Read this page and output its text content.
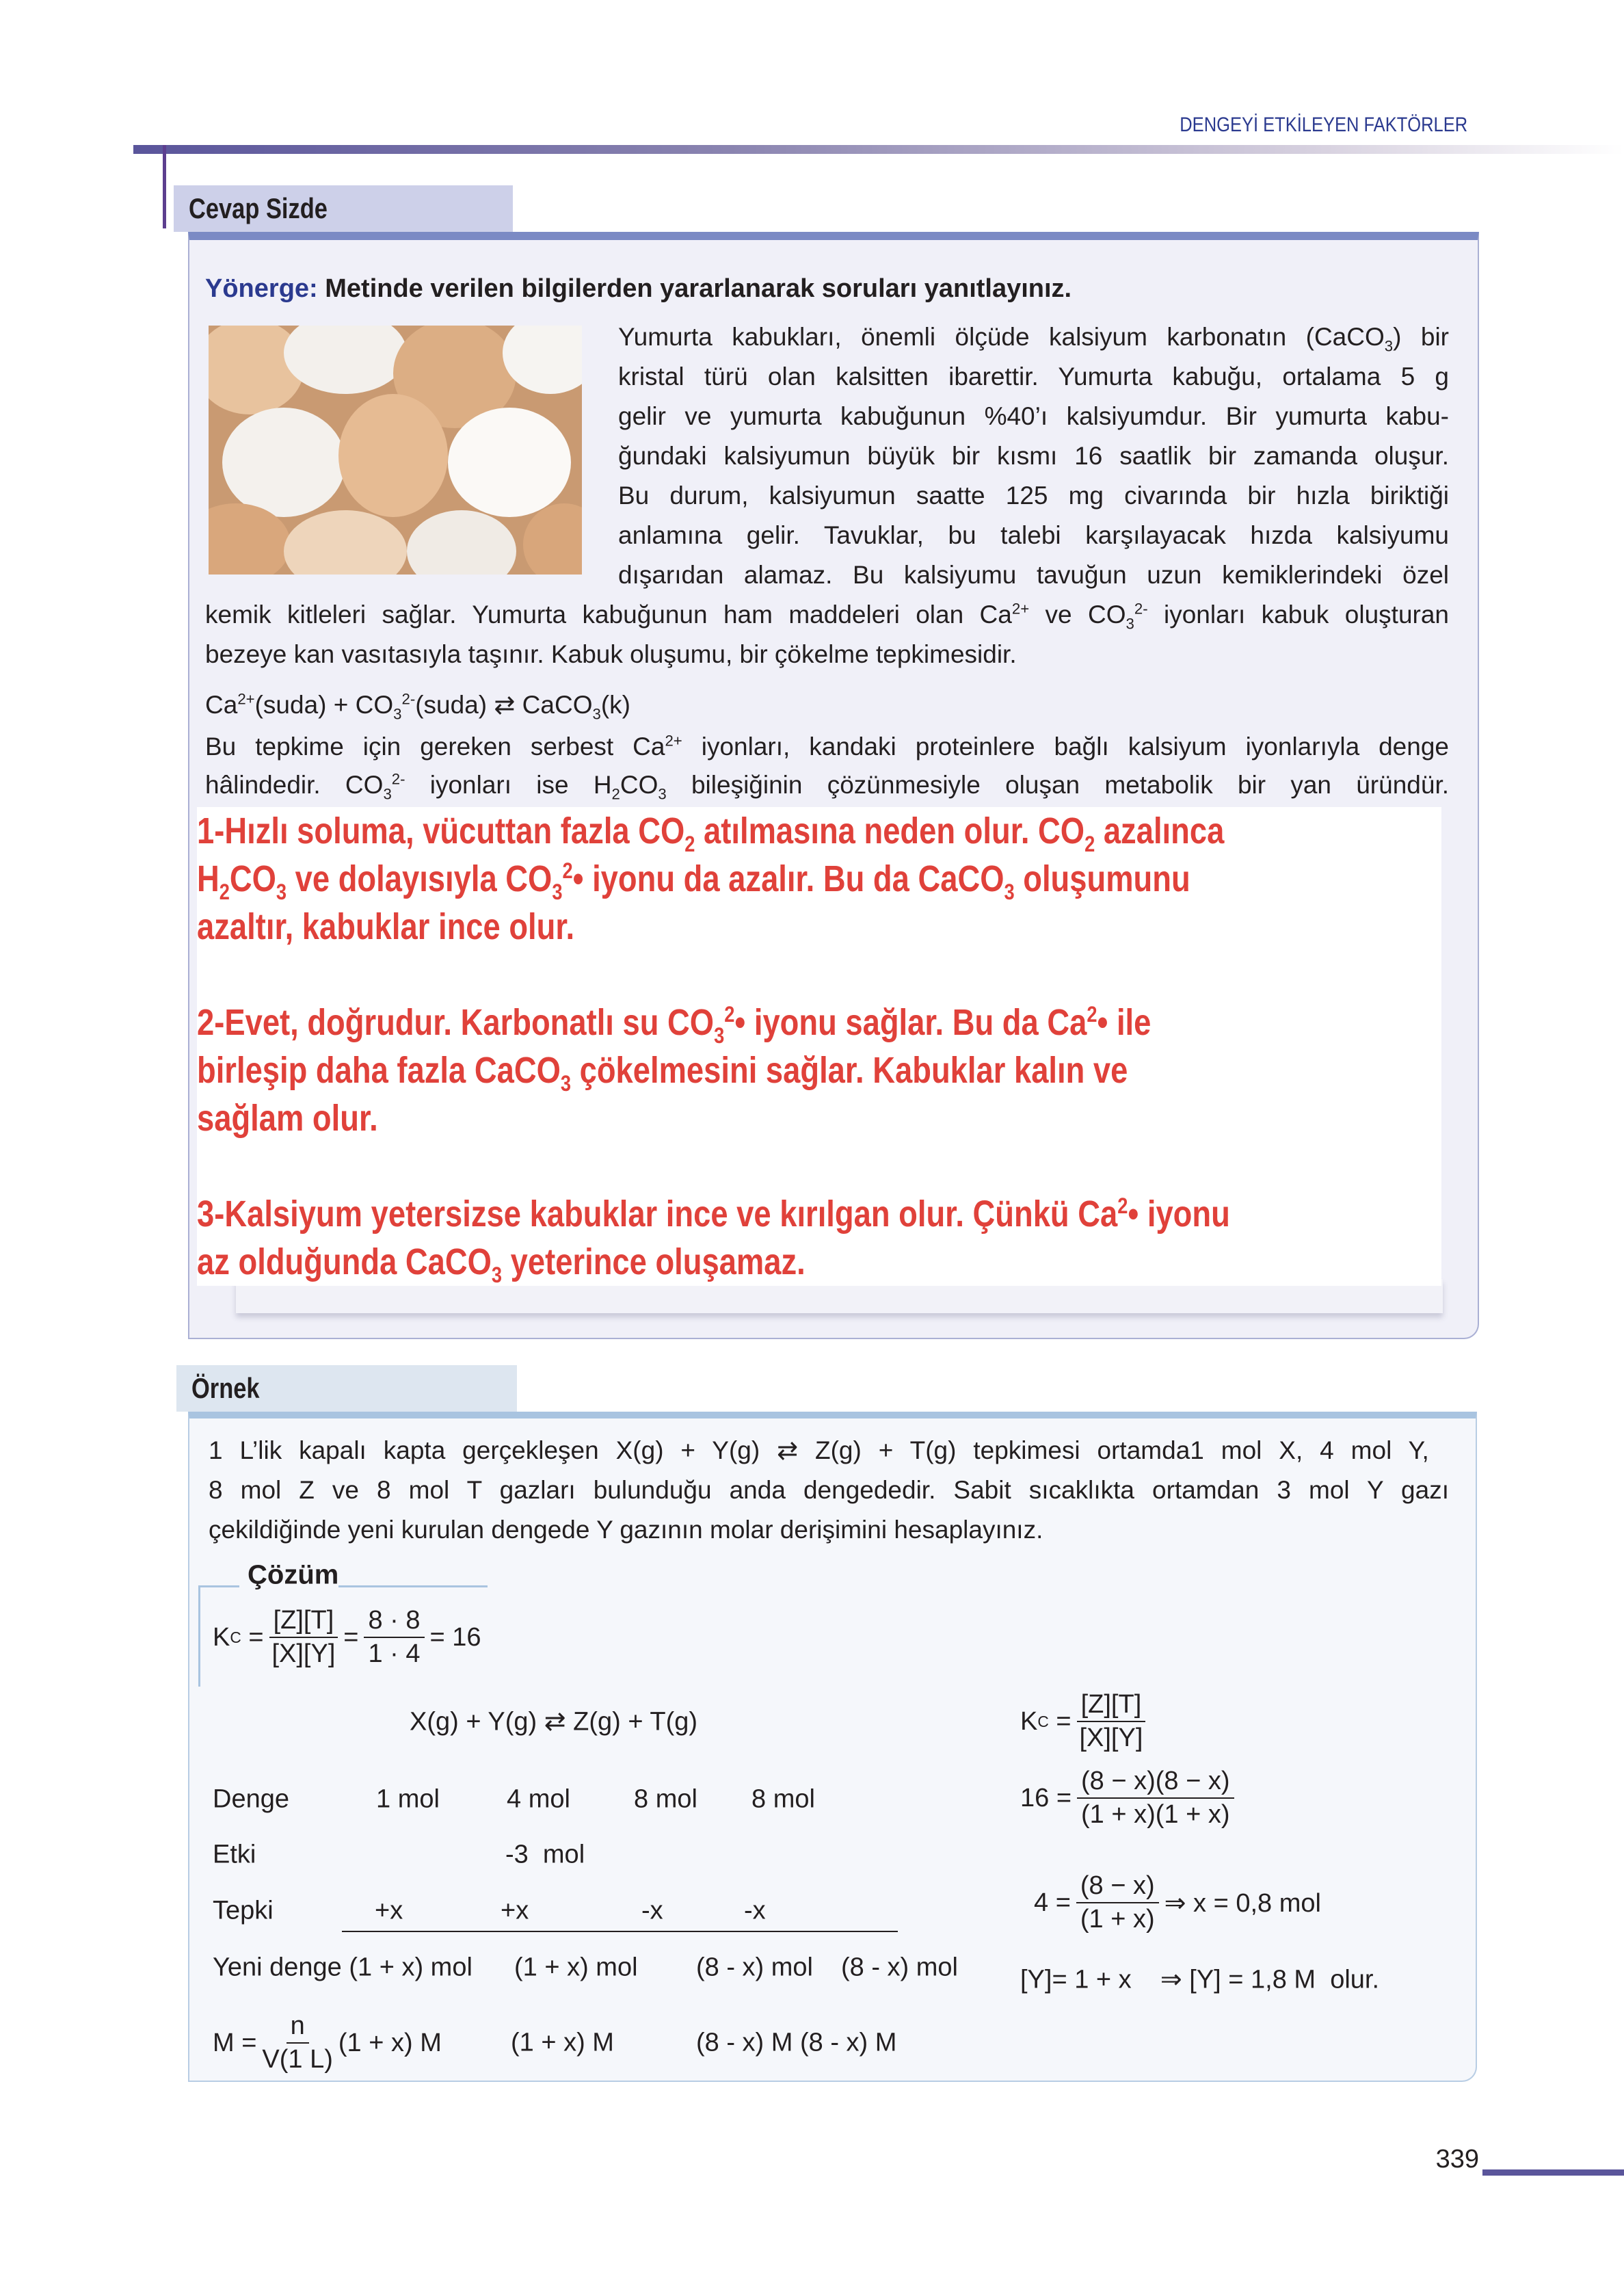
DENGEYİ ETKİLEYEN FAKTÖRLER
Cevap Sizde
Yönerge: Metinde verilen bilgilerden yararlanarak soruları yanıtlayınız.
$Ca^{2+}(suda)$ + $CO_3^{2-}(suda)$ ⇄ CaCO$_3$(k)
1-Hızlı soluma, vücuttan fazla $CO_2$ atılmasına neden olur. $CO_2$ azalınca
$H_2CO_3$ ve dolayısıyla $CO_3^2•$ iyonu da azalır. Bu da CaCO$_3$ oluşumunu
azaltır, kabuklar ince olur.
2-Evet, doğrudur. Karbonatlı su $CO_3^2•$ iyonu sağlar. Bu da Ca$^2$• ile
birleşip daha fazla CaCO$_3$ çökelmesini sağlar. Kabuklar kalın ve
sağlam olur.
3-Kalsiyum yetersizse kabuklar ince ve kırılgan olur. Çünkü Ca$^2$• iyonu
az olduğunda CaCO$_3$ yeterince oluşamaz.
Örnek
Çözüm
K C
= $\frac{[Z][T]}{[X][Y]} = \frac{8 \cdot 8}{1 \cdot 4} = 16$
X(g) + Y(g) ⇄ Z(g) + T(g)
Denge	1 mol	4 mol 8 mol 8 mol
Etki	-3  mol
Tepki	+x	+x	-x	-x
Yeni denge
(1 + x) mol (1 + x) mol (8 - x) mol (8 - x) mol
$M = \frac{n}{V(1 L)} (1 + x)$ M	(1 + x) M	(8 - x) M (8 - x) M
K C
= $\frac{[Z][T]}{[X][Y]}$
$16 = \frac{(8 - x)(8 - x)}{(1 + x)(1 + x)}$
$4 = \frac{(8 - x)}{(1 + x)}$ ⇒ x = 0,8 mol
[Y]= 1 + x    ⇒ [Y] = 1,8 M  olur.
339
Yumurta kabukları, önemli ölçüde kalsiyum karbonatın (CaCO$_3$) bir
kristal türü olan kalsitten ibarettir. Yumurta kabuğu, ortalama 5 g
gelir ve yumurta kabuğunun %40’ı kalsiyumdur. Bir yumurta kabu-
ğundaki kalsiyumun büyük bir kısmı 16 saatlik bir zamanda oluşur.
Bu durum, kalsiyumun saatte 125 mg civarında bir hızla biriktiği
anlamına gelir. Tavuklar, bu talebi karşılayacak hızda kalsiyumu
dışarıdan alamaz. Bu kalsiyumu tavuğun uzun kemiklerindeki özel
kemik kitleleri sağlar. Yumurta kabuğunun ham maddeleri olan $Ca^{2+}$ ve $CO_3^{2-}$ iyonları kabuk oluşturan
bezeye kan vasıtasıyla taşınır. Kabuk oluşumu, bir çökelme tepkimesidir.
Bu tepkime için gereken serbest $Ca^{2+}$ iyonları, kandaki proteinlere bağlı kalsiyum iyonlarıyla denge
hâlindedir. $CO_3^{2-}$ iyonları ise $H_2CO_3$ bileşiğinin çözünmesiyle oluşan metabolik bir yan üründür.
1 L’lik kapalı kapta gerçekleşen X(g) + Y(g) ⇄ Z(g) + T(g) tepkimesi ortamda1 mol X, 4 mol Y,
8 mol Z ve 8 mol T gazları bulunduğu anda dengededir. Sabit sıcaklıkta ortamdan 3 mol Y gazı
çekildiğinde yeni kurulan dengede Y gazının molar derişimini hesaplayınız.
